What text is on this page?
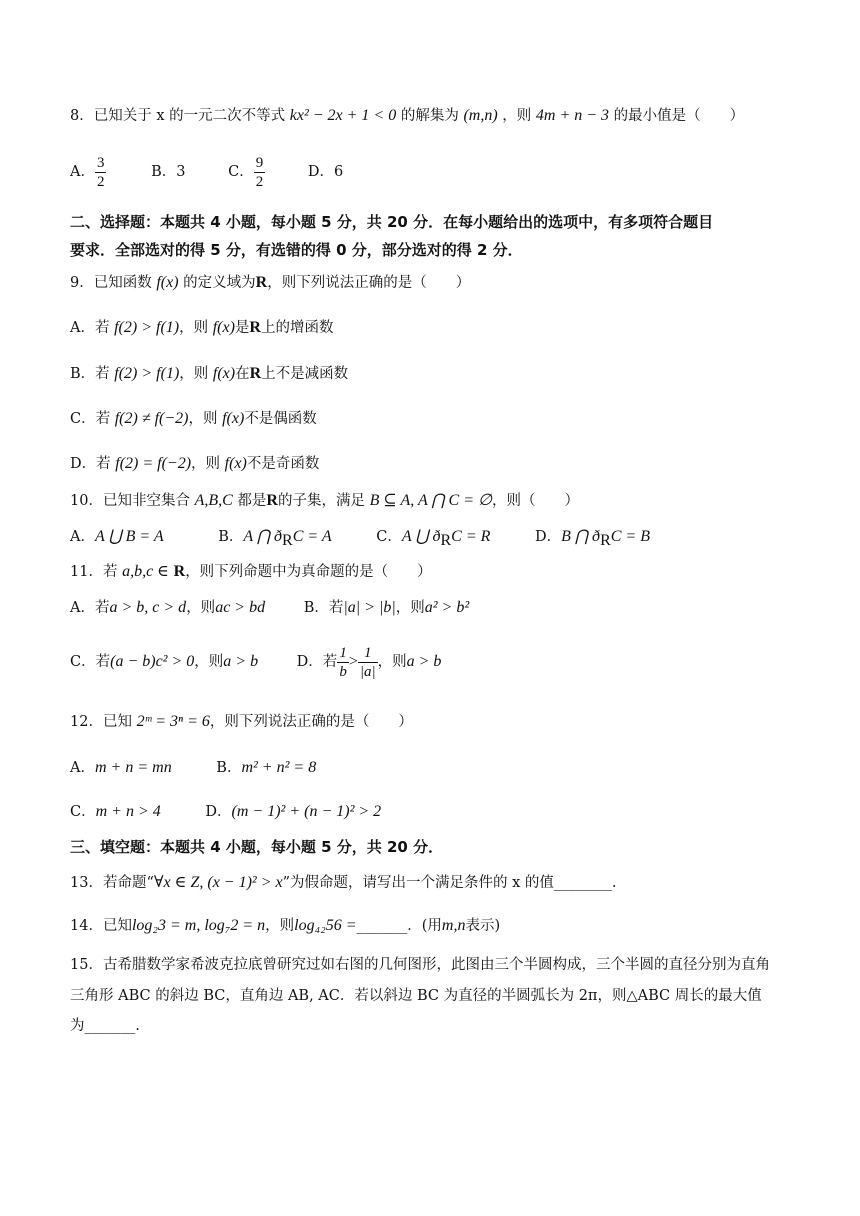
8．已知关于 x 的一元二次不等式 kx² − 2x + 1 < 0 的解集为 (m,n) ，则 4m + n − 3 的最小值是（　　）
A． $\frac{3}{2}$	B．3	C． $\frac{9}{2}$	D．6
二、选择题：本题共 4 小题，每小题 5 分，共 20 分．在每小题给出的选项中，有多项符合题目
要求．全部选对的得 5 分，有选错的得 0 分，部分选对的得 2 分．
9．已知函数 f(x) 的定义域为R，则下列说法正确的是（　　）
A．若 f(2) > f(1)，则 f(x)是R上的增函数
B．若 f(2) > f(1)，则 f(x)在R上不是减函数
C．若 f(2) ≠ f(−2)，则 f(x)不是偶函数
D．若 f(2) = f(−2)，则 f(x)不是奇函数
10．已知非空集合 A,B,C 都是R的子集，满足 B ⊆ A, A ⋂ C = ∅，则（　　）
A．A ⋃ B = A	B．A ⋂ $ð_RC = A$	C．A ⋃ $ð_RC = R$	D．B ⋂ $ð_RC = B$
11．若 a,b,c ∈ R，则下列命题中为真命题的是（　　）
A．若a > b, c > d，则ac > bd	B．若|a| > |b|，则a² > b²
C．若(a − b)c² > 0，则a > b	D．若 $\frac{1}{b} > \frac{1}{|a|}$ ，则a > b
12．已知 2ᵐ = 3ⁿ = 6，则下列说法正确的是（　　）
A．m + n = mn	B．m² + n² = 8
C．m + n > 4	D．(m − 1)² + (n − 1)² > 2
三、填空题：本题共 4 小题，每小题 5 分，共 20 分．
13．若命题“∀x ∈ Z, (x − 1)² > x”为假命题，请写出一个满足条件的 x 的值________.
14．已知log₂3 = m, log₇2 = n，则log₄₂56 =_______．(用m,n表示)
15．古希腊数学家希波克拉底曾研究过如右图的几何图形，此图由三个半圆构成，三个半圆的直径分别为直角
三角形 ABC 的斜边 BC，直角边 AB, AC．若以斜边 BC 为直径的半圆弧长为 2π，则△ABC 周长的最大值
为_______.
